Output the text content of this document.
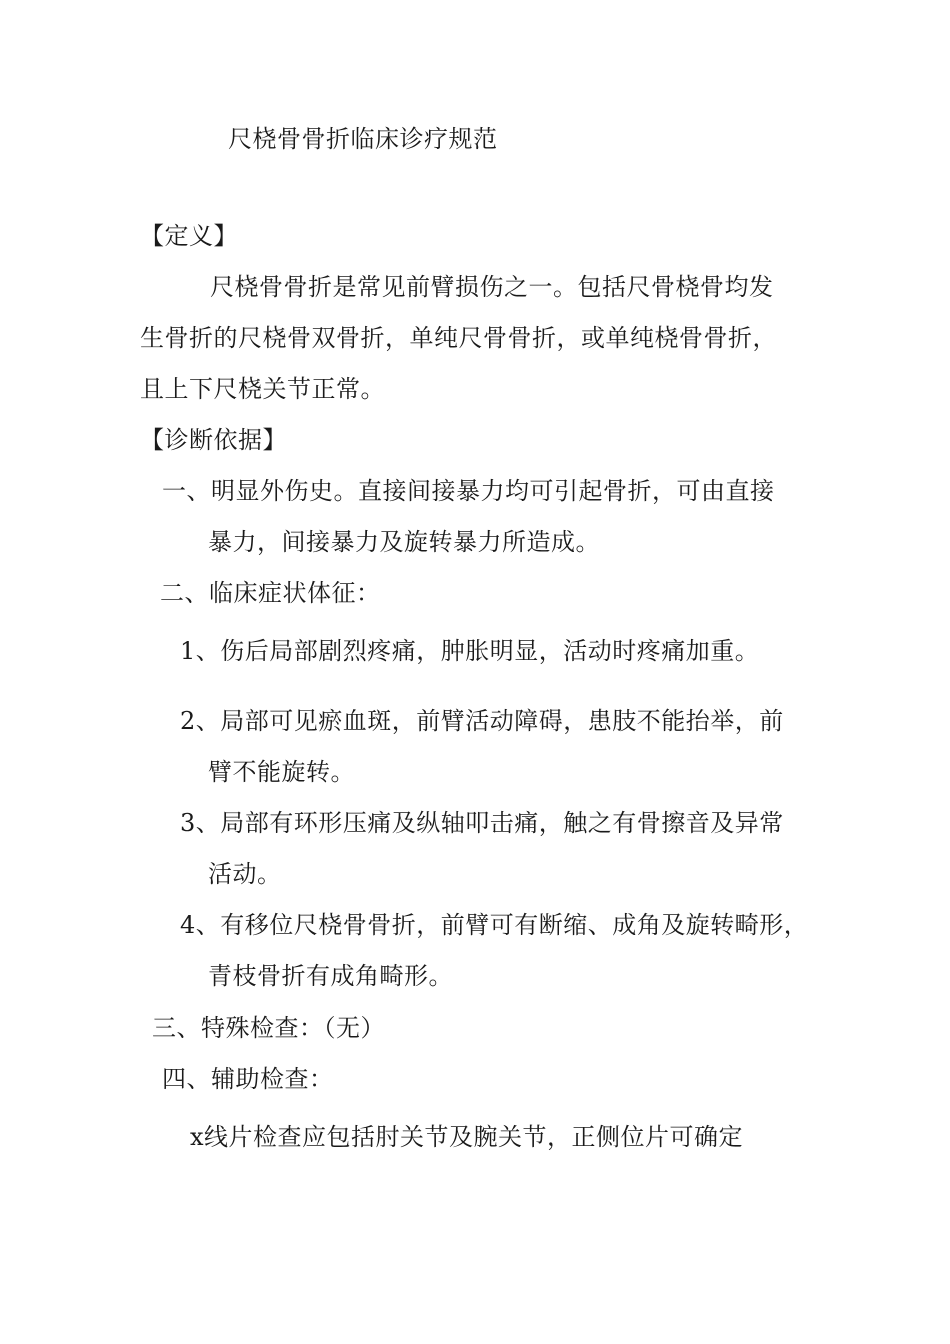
尺桡骨骨折临床诊疗规范
【定义】
尺桡骨骨折是常见前臂损伤之一。包括尺骨桡骨均发
生骨折的尺桡骨双骨折，单纯尺骨骨折，或单纯桡骨骨折，
且上下尺桡关节正常。
【诊断依据】
一、明显外伤史。直接间接暴力均可引起骨折，可由直接
暴力，间接暴力及旋转暴力所造成。
二、临床症状体征：
1、伤后局部剧烈疼痛，肿胀明显，活动时疼痛加重。
2、局部可见瘀血斑，前臂活动障碍，患肢不能抬举，前
臂不能旋转。
3、局部有环形压痛及纵轴叩击痛，触之有骨擦音及异常
活动。
4、有移位尺桡骨骨折，前臂可有断缩、成角及旋转畸形，
青枝骨折有成角畸形。
三、特殊检查：（无）
四、辅助检查：
x线片检查应包括肘关节及腕关节，正侧位片可确定
